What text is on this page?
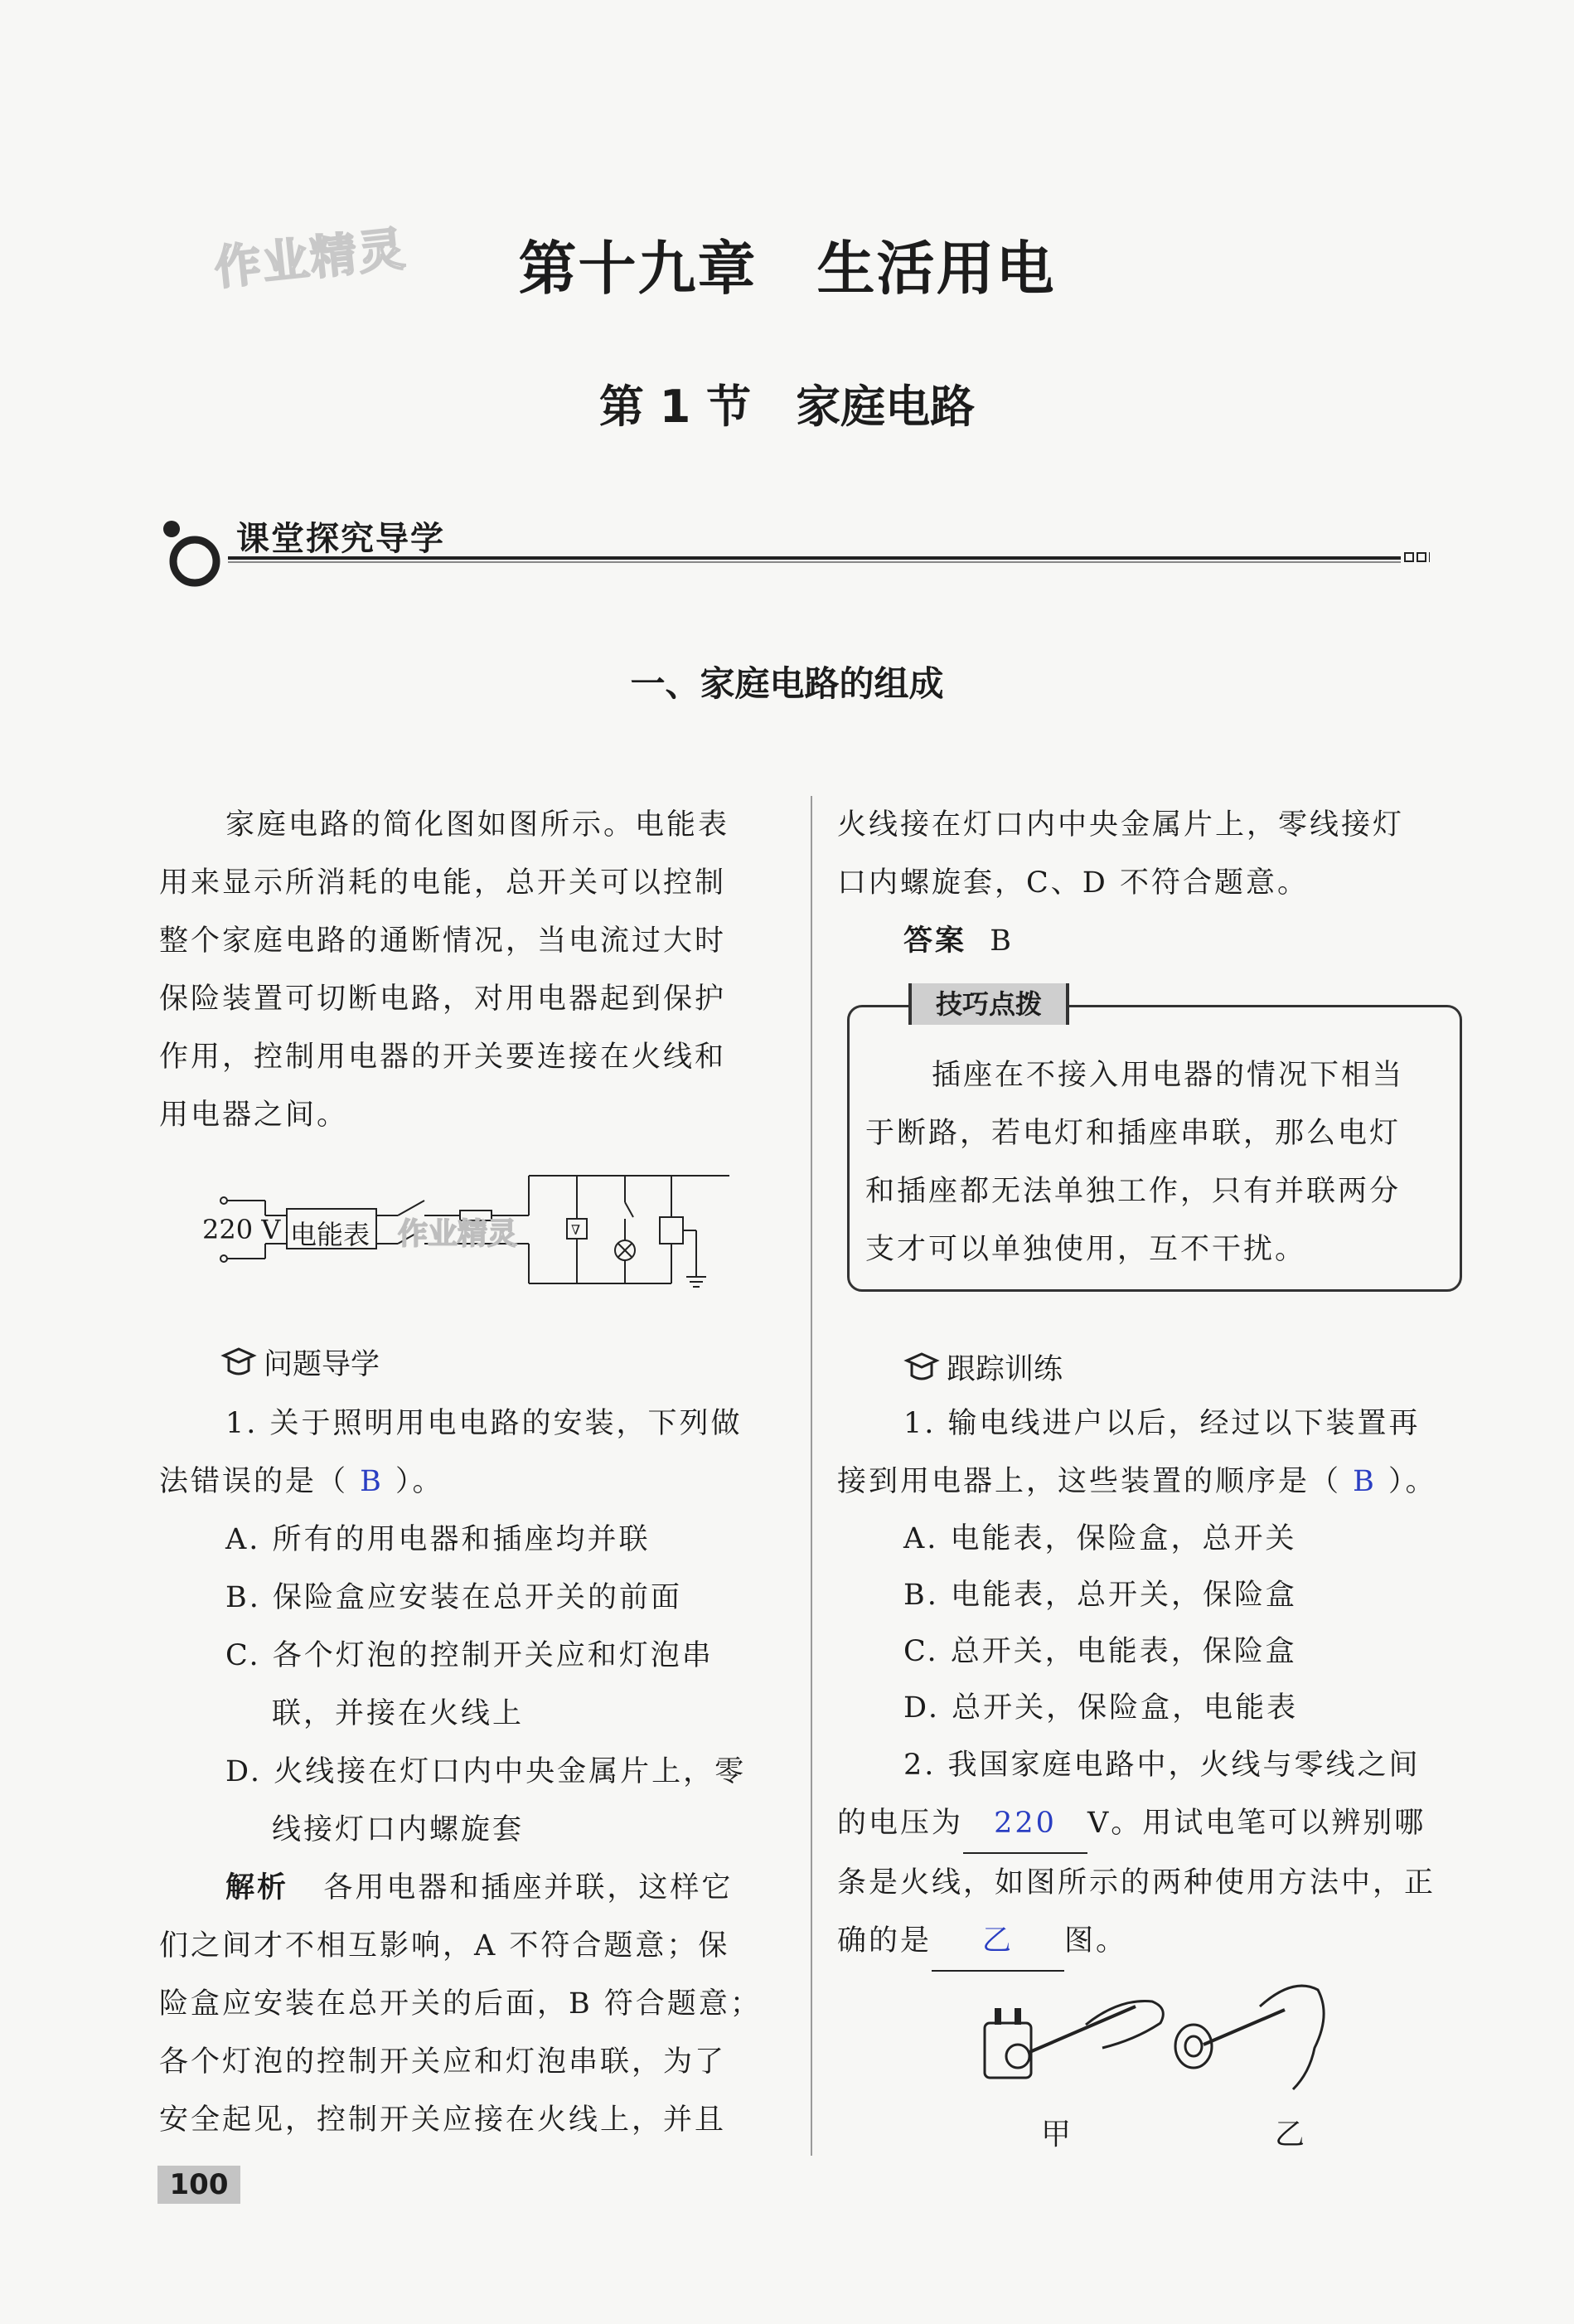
作业精灵	第十九章　生活用电
第 1 节　家庭电路
课堂探究导学
一、家庭电路的组成

家庭电路的简化图如图所示。电能表

用来显示所消耗的电能，总开关可以控制

整个家庭电路的通断情况，当电流过大时

保险装置可切断电路，对用电器起到保护

作用，控制用电器的开关要连接在火线和

用电器之间。

∇
220 V 电能表 作业精灵
问题导学

1. 关于照明用电电路的安装，下列做

法错误的是（ B ）。

A. 所有的用电器和插座均并联

B. 保险盒应安装在总开关的前面

C. 各个灯泡的控制开关应和灯泡串

联，并接在火线上

D. 火线接在灯口内中央金属片上，零

线接灯口内螺旋套

解析 各用电器和插座并联，这样它

们之间才不相互影响，A 不符合题意；保

险盒应安装在总开关的后面，B 符合题意；

各个灯泡的控制开关应和灯泡串联，为了

安全起见，控制开关应接在火线上，并且

火线接在灯口内中央金属片上，零线接灯

口内螺旋套，C、D 不符合题意。

答案 B

技巧点拨

插座在不接入用电器的情况下相当

于断路，若电灯和插座串联，那么电灯

和插座都无法单独工作，只有并联两分

支才可以单独使用，互不干扰。

跟踪训练

1. 输电线进户以后，经过以下装置再

接到用电器上，这些装置的顺序是（ B ）。

A. 电能表，保险盒，总开关

B. 电能表，总开关，保险盒

C. 总开关，电能表，保险盒

D. 总开关，保险盒，电能表

2. 我国家庭电路中，火线与零线之间

的电压为 220 V。用试电笔可以辨别哪

条是火线，如图所示的两种使用方法中，正

确的是 乙 图。

甲	乙
100
